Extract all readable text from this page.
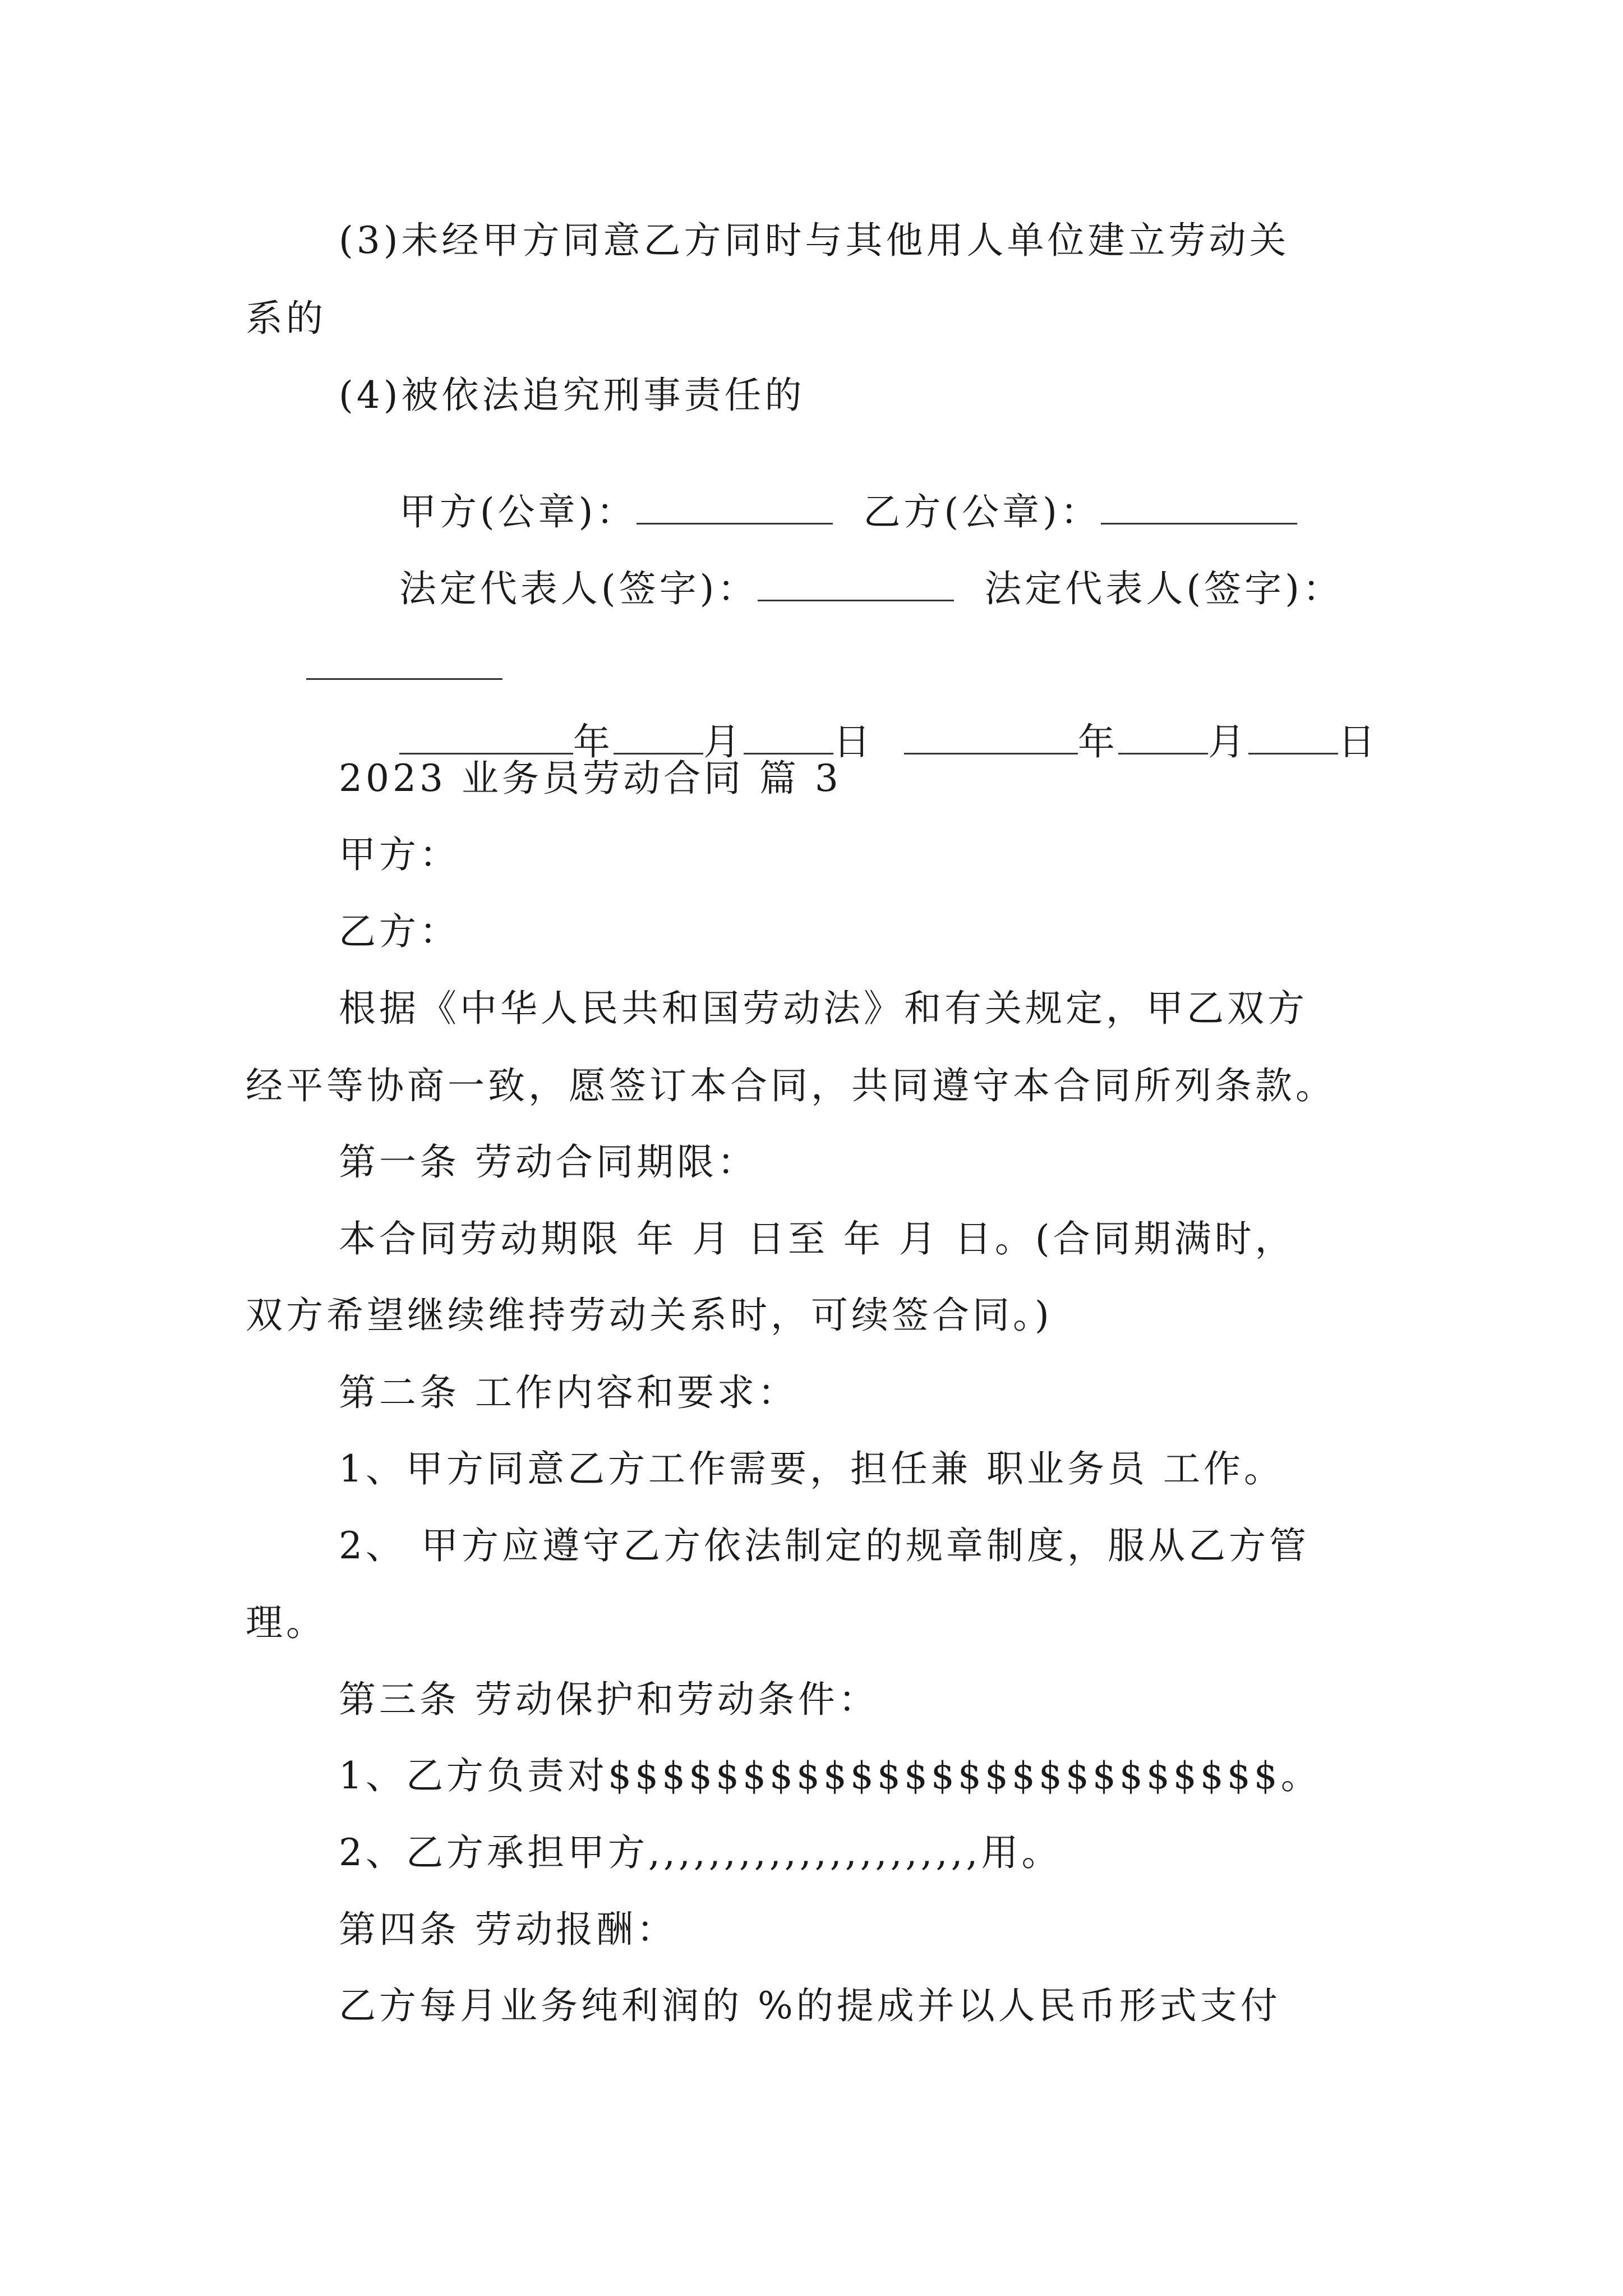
(3)未经甲方同意乙方同时与其他用人单位建立劳动关
系的
(4)被依法追究刑事责任的

甲方(公章)：	乙方(公章)：

法定代表人(签字)：	法定代表人(签字)：

年 月 日	年 月 日

2023 业务员劳动合同 篇 3
甲方：
乙方：
根据《中华人民共和国劳动法》和有关规定，甲乙双方
经平等协商一致，愿签订本合同，共同遵守本合同所列条款。
第一条 劳动合同期限：
本合同劳动期限 年 月 日至 年 月 日。(合同期满时，
双方希望继续维持劳动关系时，可续签合同。)
第二条 工作内容和要求：
1、甲方同意乙方工作需要，担任兼 职业务员 工作。
2、 甲方应遵守乙方依法制定的规章制度，服从乙方管
理。
第三条 劳动保护和劳动条件：
1、乙方负责对$$$$$$$$$$$$$$$$$$$$$$$$$。
2、乙方承担甲方,,,,,,,,,,,,,,,,,,,,,,用。
第四条 劳动报酬：
乙方每月业务纯利润的 %的提成并以人民币形式支付
